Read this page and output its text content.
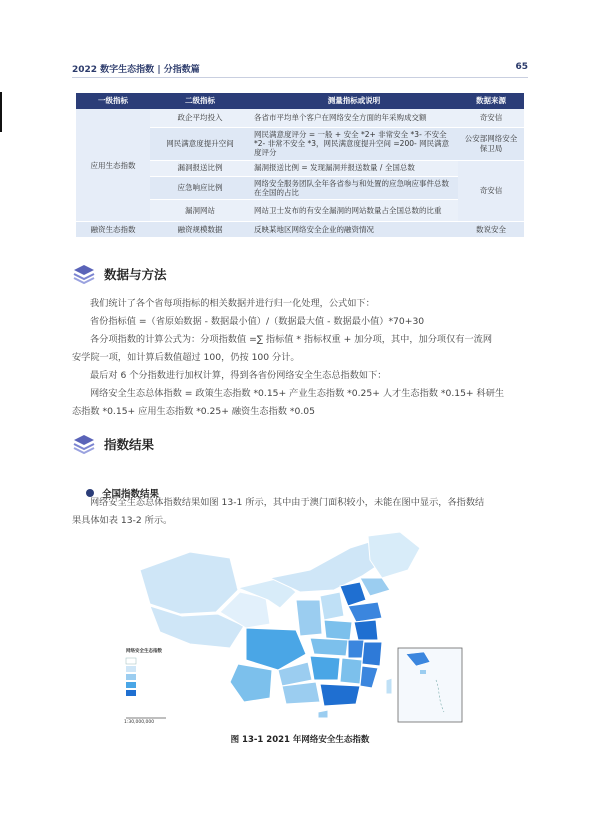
2022 数字生态指数 | 分指数篇	65
一级指标	二级指标	测量指标或说明	数据来源
应用生态指数	政企平均投入	各省市平均单个客户在网络安全方面的年采购成交额	奇安信
	网民满意度提升空间	网民满意度评分 = 一般 + 安全 *2+ 非常安全 *3- 不安全 *2- 非常不安全 *3，网民满意度提升空间 =200- 网民满意度评分	公安部网络安全保卫局
	漏洞报送比例	漏洞报送比例 = 发现漏洞并报送数量 / 全国总数	奇安信
	应急响应比例	网络安全服务团队全年各省参与和处置的应急响应事件总数在全国的占比	
	漏洞网站	网站卫士发布的有安全漏洞的网站数量占全国总数的比重	
融资生态指数	融资规模数据	反映某地区网络安全企业的融资情况	数说安全
数据与方法

我们统计了各个省每项指标的相关数据并进行归一化处理，公式如下：

省份指标值 =（省原始数据 - 数据最小值）/（数据最大值 - 数据最小值）*70+30

各分项指数的计算公式为：分项指数值 =∑ 指标值 * 指标权重 + 加分项，其中，加分项仅有一流网

安学院一项，如计算后数值超过 100，仍按 100 分计。

最后对 6 个分指数进行加权计算，得到各省份网络安全生态总指数如下：

网络安全生态总体指数 = 政策生态指数 *0.15+ 产业生态指数 *0.25+ 人才生态指数 *0.15+ 科研生

态指数 *0.15+ 应用生态指数 *0.25+ 融资生态指数 *0.05

指数结果
全国指数结果

网络安全生态总体指数结果如图 13-1 所示，其中由于澳门面积较小，未能在图中显示，各指数结

果具体如表 13-2 所示。

网络安全生态指数
1:30,000,000
图 13-1 2021 年网络安全生态指数
